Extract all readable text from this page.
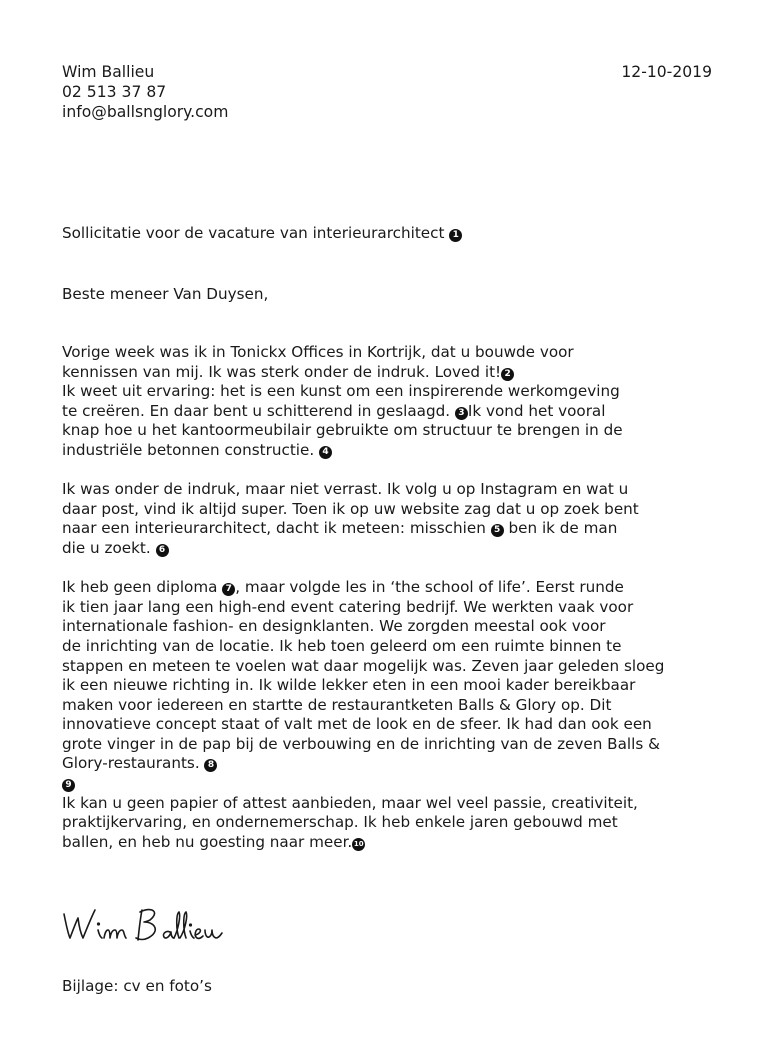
Wim Ballieu
02 513 37 87
info@ballsnglory.com
12-10-2019
Sollicitatie voor de vacature van interieurarchitect 1
Beste meneer Van Duysen,

Vorige week was ik in Tonickx Offices in Kortrijk, dat u bouwde voor
kennissen van mij. Ik was sterk onder de indruk. Loved it! 2
Ik weet uit ervaring: het is een kunst om een inspirerende werkomgeving
te creëren. En daar bent u schitterend in geslaagd. 3 Ik vond het vooral
knap hoe u het kantoormeubilair gebruikte om structuur te brengen in de
industriële betonnen constructie. 4

Ik was onder de indruk, maar niet verrast. Ik volg u op Instagram en wat u
daar post, vind ik altijd super. Toen ik op uw website zag dat u op zoek bent
naar een interieurarchitect, dacht ik meteen: misschien 5 ben ik de man
die u zoekt. 6

Ik heb geen diploma 7 , maar volgde les in ‘the school of life’. Eerst runde
ik tien jaar lang een high-end event catering bedrijf. We werkten vaak voor
internationale fashion- en designklanten. We zorgden meestal ook voor
de inrichting van de locatie. Ik heb toen geleerd om een ruimte binnen te
stappen en meteen te voelen wat daar mogelijk was. Zeven jaar geleden sloeg
ik een nieuwe richting in. Ik wilde lekker eten in een mooi kader bereikbaar
maken voor iedereen en startte de restaurantketen Balls & Glory op. Dit
innovatieve concept staat of valt met de look en de sfeer. Ik had dan ook een
grote vinger in de pap bij de verbouwing en de inrichting van de zeven Balls &
Glory-restaurants. 8
9

Ik kan u geen papier of attest aanbieden, maar wel veel passie, creativiteit,
praktijkervaring, en ondernemerschap. Ik heb enkele jaren gebouwd met
ballen, en heb nu goesting naar meer. 10

Bijlage: cv en foto’s
